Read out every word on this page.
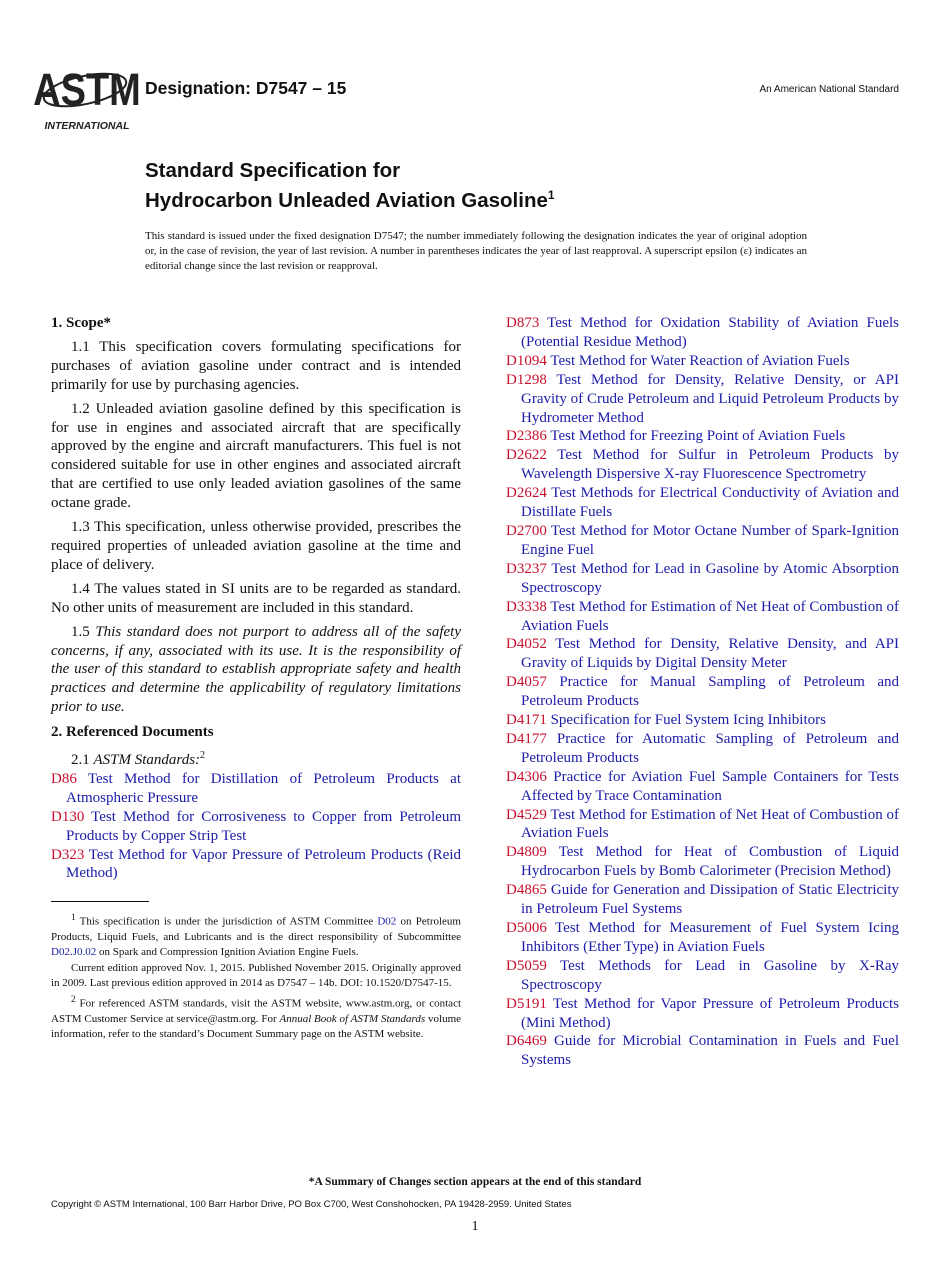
ASTM
INTERNATIONAL
Designation: D7547 – 15	An American National Standard
Standard Specification for
Hydrocarbon Unleaded Aviation Gasoline$^1$
This standard is issued under the fixed designation D7547; the number immediately following the designation indicates the year of original adoption or, in the case of revision, the year of last revision. A number in parentheses indicates the year of last reapproval. A superscript epsilon (ε) indicates an editorial change since the last revision or reapproval.
1. Scope*
1.1 This specification covers formulating specifications for purchases of aviation gasoline under contract and is intended primarily for use by purchasing agencies.
1.2 Unleaded aviation gasoline defined by this specification is for use in engines and associated aircraft that are specifically approved by the engine and aircraft manufacturers. This fuel is not considered suitable for use in other engines and associated aircraft that are certified to use only leaded aviation gasolines of the same octane grade.
1.3 This specification, unless otherwise provided, prescribes the required properties of unleaded aviation gasoline at the time and place of delivery.
1.4 The values stated in SI units are to be regarded as standard. No other units of measurement are included in this standard.
1.5 This standard does not purport to address all of the safety concerns, if any, associated with its use. It is the responsibility of the user of this standard to establish appropriate safety and health practices and determine the applicability of regulatory limitations prior to use.
2. Referenced Documents
2.1 ASTM Standards:$^2$
D86 Test Method for Distillation of Petroleum Products at Atmospheric Pressure
D130 Test Method for Corrosiveness to Copper from Petroleum Products by Copper Strip Test
D323 Test Method for Vapor Pressure of Petroleum Products (Reid Method)
$^1$ This specification is under the jurisdiction of ASTM Committee D02 on Petroleum Products, Liquid Fuels, and Lubricants and is the direct responsibility of Subcommittee D02.J0.02 on Spark and Compression Ignition Aviation Engine Fuels.
Current edition approved Nov. 1, 2015. Published November 2015. Originally approved in 2009. Last previous edition approved in 2014 as D7547 – 14b. DOI: 10.1520/D7547-15.
$^2$ For referenced ASTM standards, visit the ASTM website, www.astm.org, or contact ASTM Customer Service at service@astm.org. For Annual Book of ASTM Standards volume information, refer to the standard’s Document Summary page on the ASTM website.
D873 Test Method for Oxidation Stability of Aviation Fuels (Potential Residue Method)
D1094 Test Method for Water Reaction of Aviation Fuels
D1298 Test Method for Density, Relative Density, or API Gravity of Crude Petroleum and Liquid Petroleum Products by Hydrometer Method
D2386 Test Method for Freezing Point of Aviation Fuels
D2622 Test Method for Sulfur in Petroleum Products by Wavelength Dispersive X-ray Fluorescence Spectrometry
D2624 Test Methods for Electrical Conductivity of Aviation and Distillate Fuels
D2700 Test Method for Motor Octane Number of Spark-Ignition Engine Fuel
D3237 Test Method for Lead in Gasoline by Atomic Absorption Spectroscopy
D3338 Test Method for Estimation of Net Heat of Combustion of Aviation Fuels
D4052 Test Method for Density, Relative Density, and API Gravity of Liquids by Digital Density Meter
D4057 Practice for Manual Sampling of Petroleum and Petroleum Products
D4171 Specification for Fuel System Icing Inhibitors
D4177 Practice for Automatic Sampling of Petroleum and Petroleum Products
D4306 Practice for Aviation Fuel Sample Containers for Tests Affected by Trace Contamination
D4529 Test Method for Estimation of Net Heat of Combustion of Aviation Fuels
D4809 Test Method for Heat of Combustion of Liquid Hydrocarbon Fuels by Bomb Calorimeter (Precision Method)
D4865 Guide for Generation and Dissipation of Static Electricity in Petroleum Fuel Systems
D5006 Test Method for Measurement of Fuel System Icing Inhibitors (Ether Type) in Aviation Fuels
D5059 Test Methods for Lead in Gasoline by X-Ray Spectroscopy
D5191 Test Method for Vapor Pressure of Petroleum Products (Mini Method)
D6469 Guide for Microbial Contamination in Fuels and Fuel Systems
*A Summary of Changes section appears at the end of this standard
Copyright © ASTM International, 100 Barr Harbor Drive, PO Box C700, West Conshohocken, PA 19428-2959. United States
1
